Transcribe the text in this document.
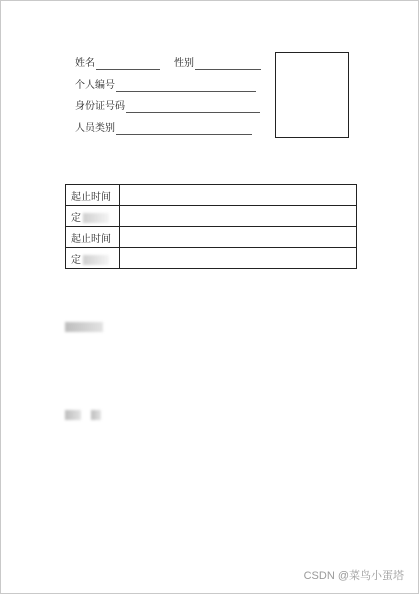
姓名	性别
个人编号
身份证号码
人员类别
起止时间	
定	
起止时间	
定	
CSDN @菜鸟小蛋塔
